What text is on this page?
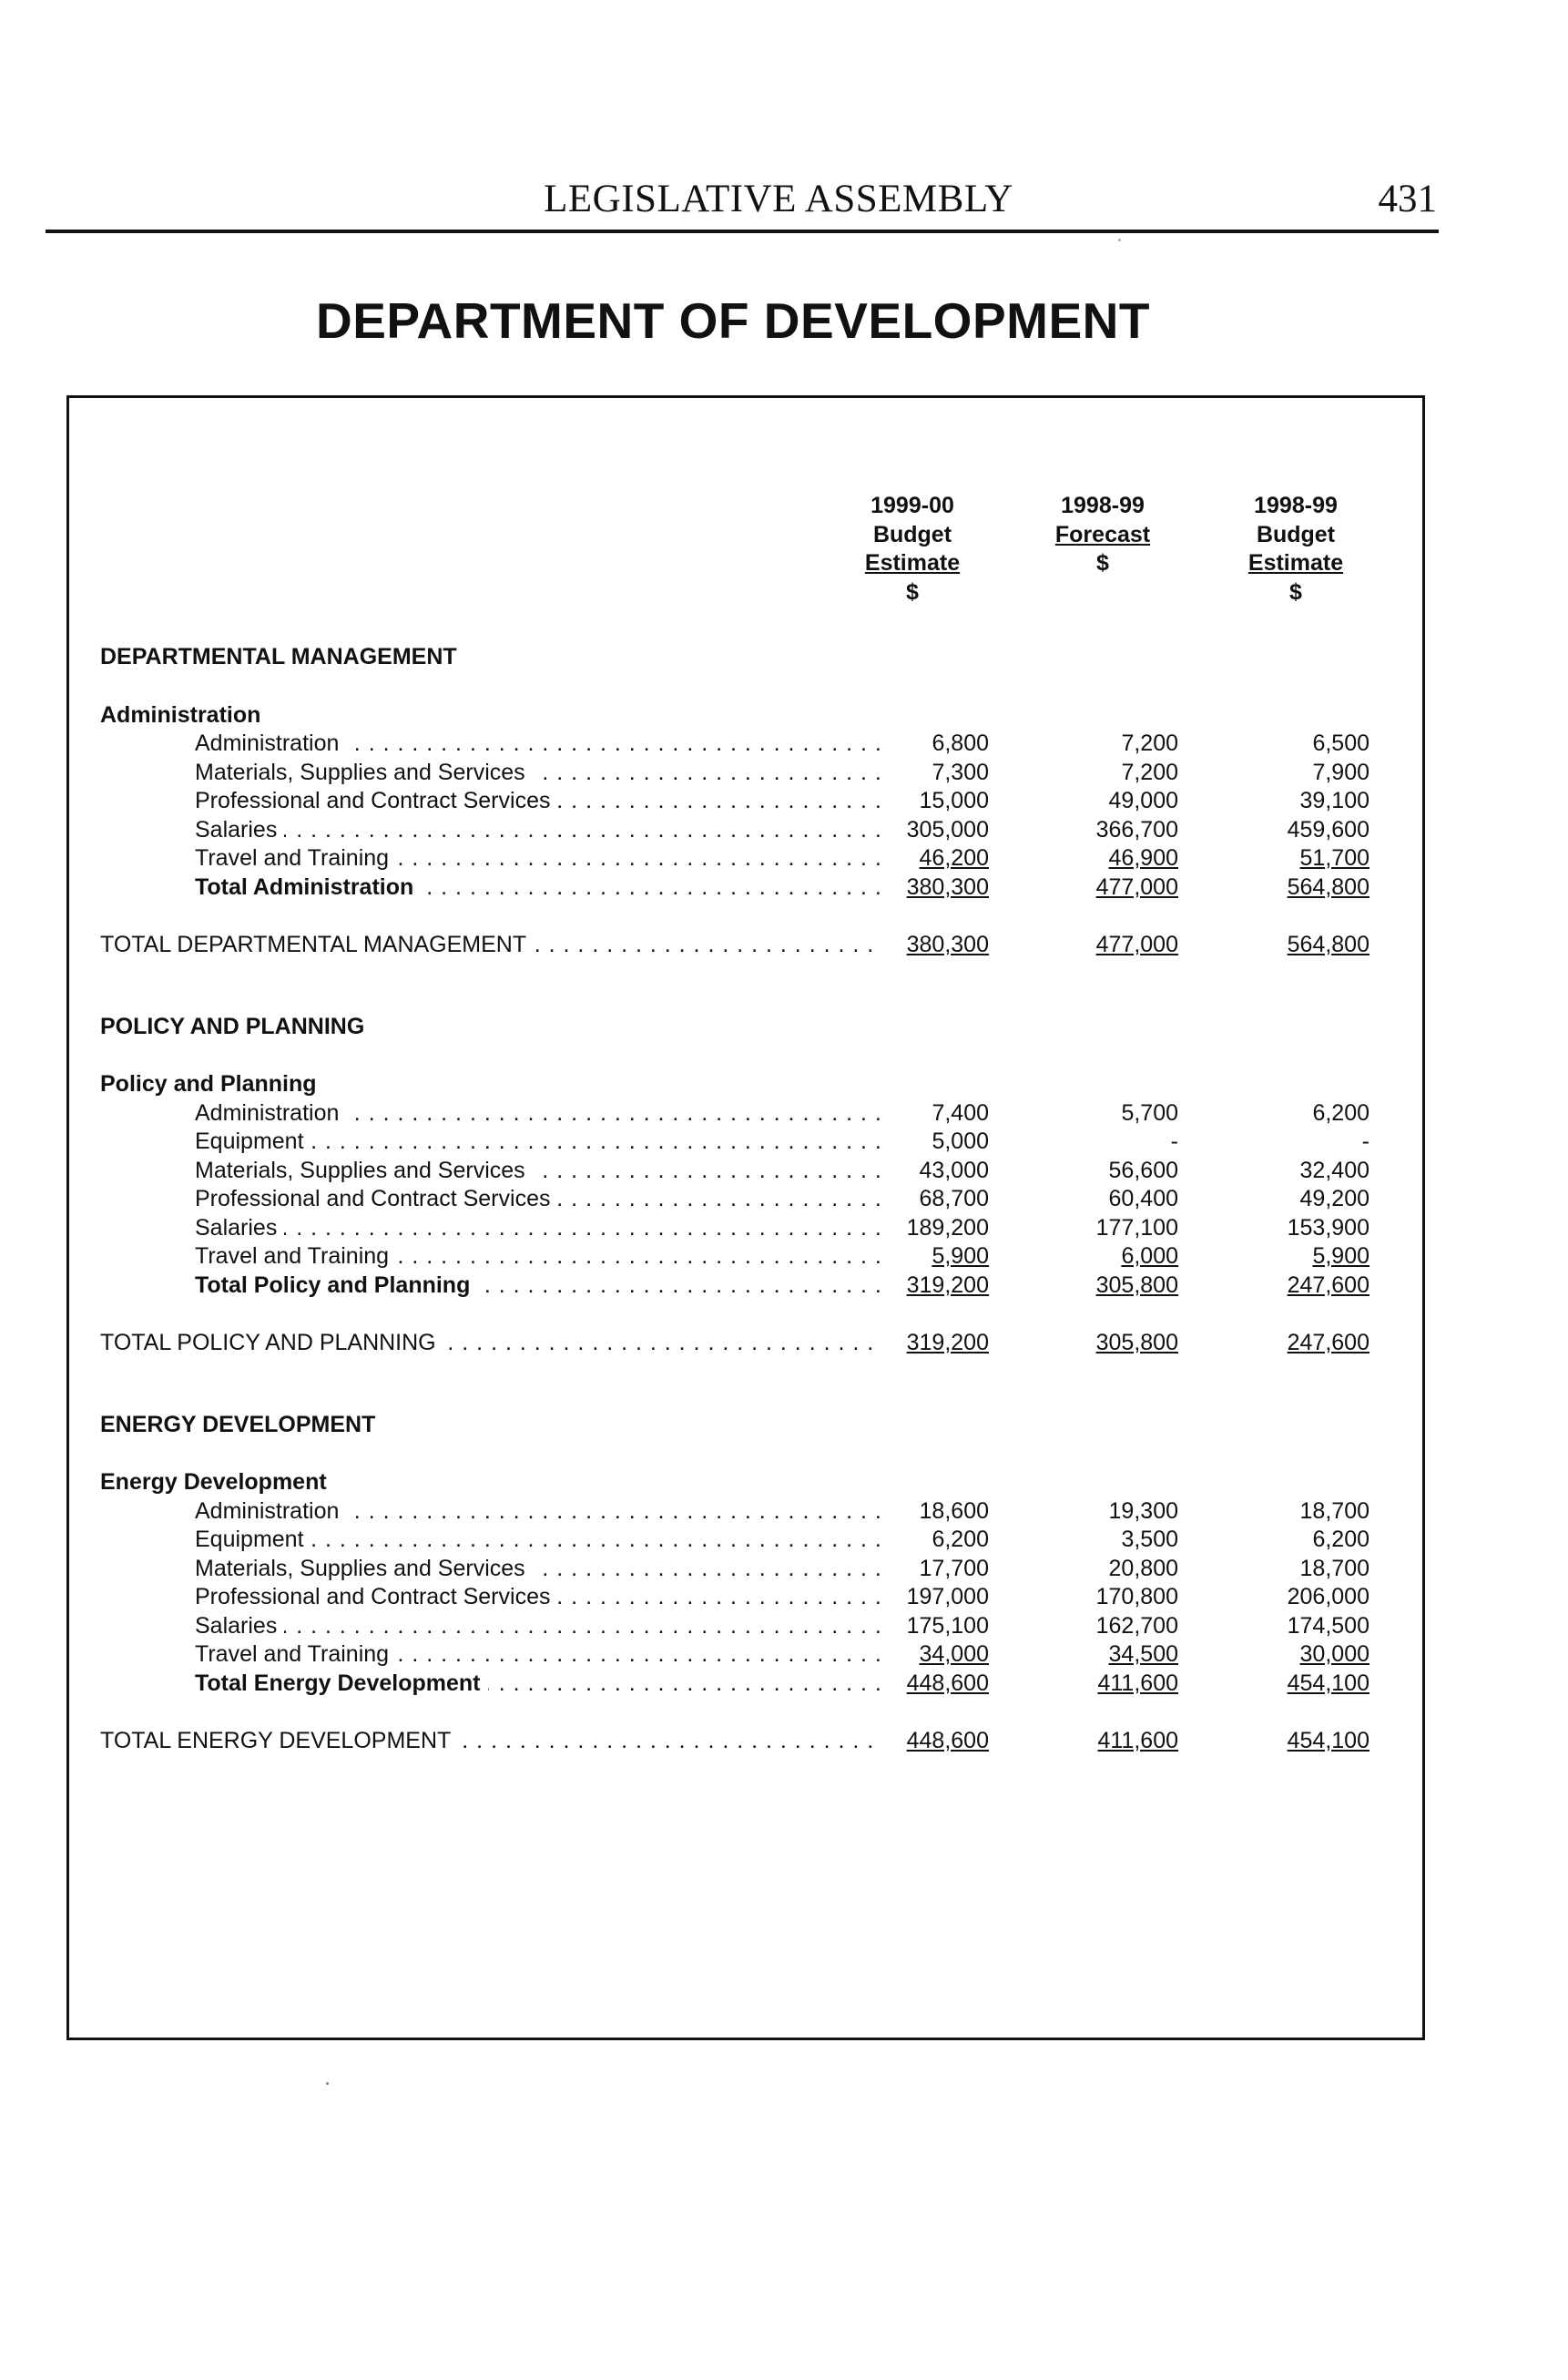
LEGISLATIVE ASSEMBLY	431
DEPARTMENT OF DEVELOPMENT
1999-00
Budget
Estimate
$
1998-99
Forecast
$
1998-99
Budget
Estimate
$
DEPARTMENTAL MANAGEMENT
Administration
Administration . . .	6,800	7,200	6,500
Materials, Supplies and Services . . .	7,300	7,200	7,900
Professional and Contract Services . . .	15,000	49,000	39,100
Salaries . . .	305,000	366,700	459,600
Travel and Training . . .	46,200	46,900	51,700
Total Administration . . .	380,300	477,000	564,800
TOTAL DEPARTMENTAL MANAGEMENT . . .	380,300	477,000	564,800
POLICY AND PLANNING
Policy and Planning
Administration . . .	7,400	5,700	6,200
Equipment . . .	5,000	-	-
Materials, Supplies and Services . . .	43,000	56,600	32,400
Professional and Contract Services . . .	68,700	60,400	49,200
Salaries . . .	189,200	177,100	153,900
Travel and Training . . .	5,900	6,000	5,900
Total Policy and Planning . . .	319,200	305,800	247,600
TOTAL POLICY AND PLANNING . . .	319,200	305,800	247,600
ENERGY DEVELOPMENT
Energy Development
Administration . . .	18,600	19,300	18,700
Equipment . . .	6,200	3,500	6,200
Materials, Supplies and Services . . .	17,700	20,800	18,700
Professional and Contract Services . . .	197,000	170,800	206,000
Salaries . . .	175,100	162,700	174,500
Travel and Training . . .	34,000	34,500	30,000
Total Energy Development . . .	448,600	411,600	454,100
TOTAL ENERGY DEVELOPMENT . . .	448,600	411,600	454,100
